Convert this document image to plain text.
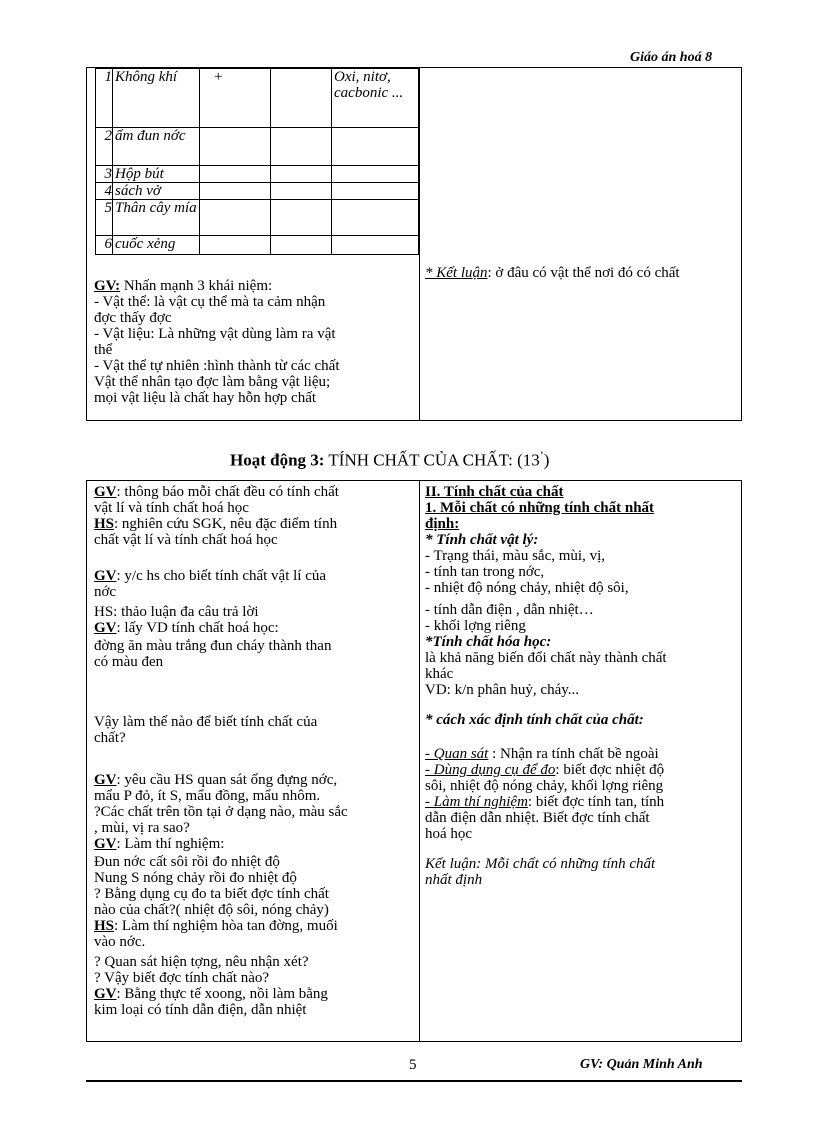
Giáo án hoá 8
1	Không khí	+		Oxi, nitơ, cacbonic ...
2	ấm đun nớc			
3	Hộp bút			
4	sách vở			
5	Thân cây mía			
6	cuốc xẻng			

GV: Nhấn mạnh 3 khái niệm:

- Vật thể: là vật cụ thể mà ta cảm nhận

đợc thấy đợc

- Vật liệu: Là những vật dùng làm ra vật

thể

- Vật thể tự nhiên :hình thành từ các chất

Vật thể nhân tạo đợc làm bằng vật liệu;

mọi vật liệu là chất hay hỗn hợp chất

* Kết luận: ở đâu có vật thể nơi đó có chất
Hoạt động 3: TÍNH CHẤT CỦA CHẤT: (13’)

GV: thông báo mỗi chất đều có tính chất

vật lí và tính chất hoá học

HS: nghiên cứu SGK, nêu đặc điểm tính

chất vật lí và tính chất hoá học

GV: y/c hs cho biết tính chất vật lí của

nớc

HS: thảo luận đa câu trả lời

GV: lấy VD tính chất hoá học:

đờng ăn màu trắng đun cháy thành than

có màu đen

Vậy làm thế nào để biết tính chất của

chất?

GV: yêu cầu HS quan sát ống đựng nớc,

mẩu P đỏ, ít S, mẩu đồng, mẩu nhôm.

?Các chất trên tồn tại ở dạng nào, màu sắc

, mùi, vị ra sao?

GV: Làm thí nghiệm:

Đun nớc cất sôi rồi đo nhiệt độ

Nung S nóng chảy rồi đo nhiệt độ

? Bằng dụng cụ đo ta biết đợc tính chất

nào của chất?( nhiệt độ sôi, nóng chảy)

HS: Làm thí nghiệm hòa tan đờng, muối

vào nớc.

? Quan sát hiện tợng, nêu nhận xét?

? Vậy biết đợc tính chất nào?

GV: Bằng thực tế xoong, nồi làm bằng

kim loại có tính dẫn điện, dẫn nhiệt

II. Tính chất của chất

1. Mỗi chất có những tính chất nhất

định:

* Tính chất vật lý:

- Trạng thái, màu sắc, mùi, vị,

- tính tan trong nớc,

- nhiệt độ nóng chảy, nhiệt độ sôi,

- tính dẫn điện , dẫn nhiệt…

- khối lợng riêng

*Tính chất hóa học:

là khả năng biến đổi chất này thành chất

khác

VD: k/n phân huỷ, cháy...

* cách xác định tính chất của chất:

- Quan sát : Nhận ra tính chất bề ngoài

- Dùng dụng cụ để đo: biết đợc nhiệt độ

sôi, nhiệt độ nóng chảy, khối lợng riêng

- Làm thí nghiệm: biết đợc tính tan, tính

dẫn điện dẫn nhiệt. Biết đợc tính chất

hoá học

Kết luận: Mỗi chất có những tính chất

nhất định

5	GV: Quản Minh Anh
